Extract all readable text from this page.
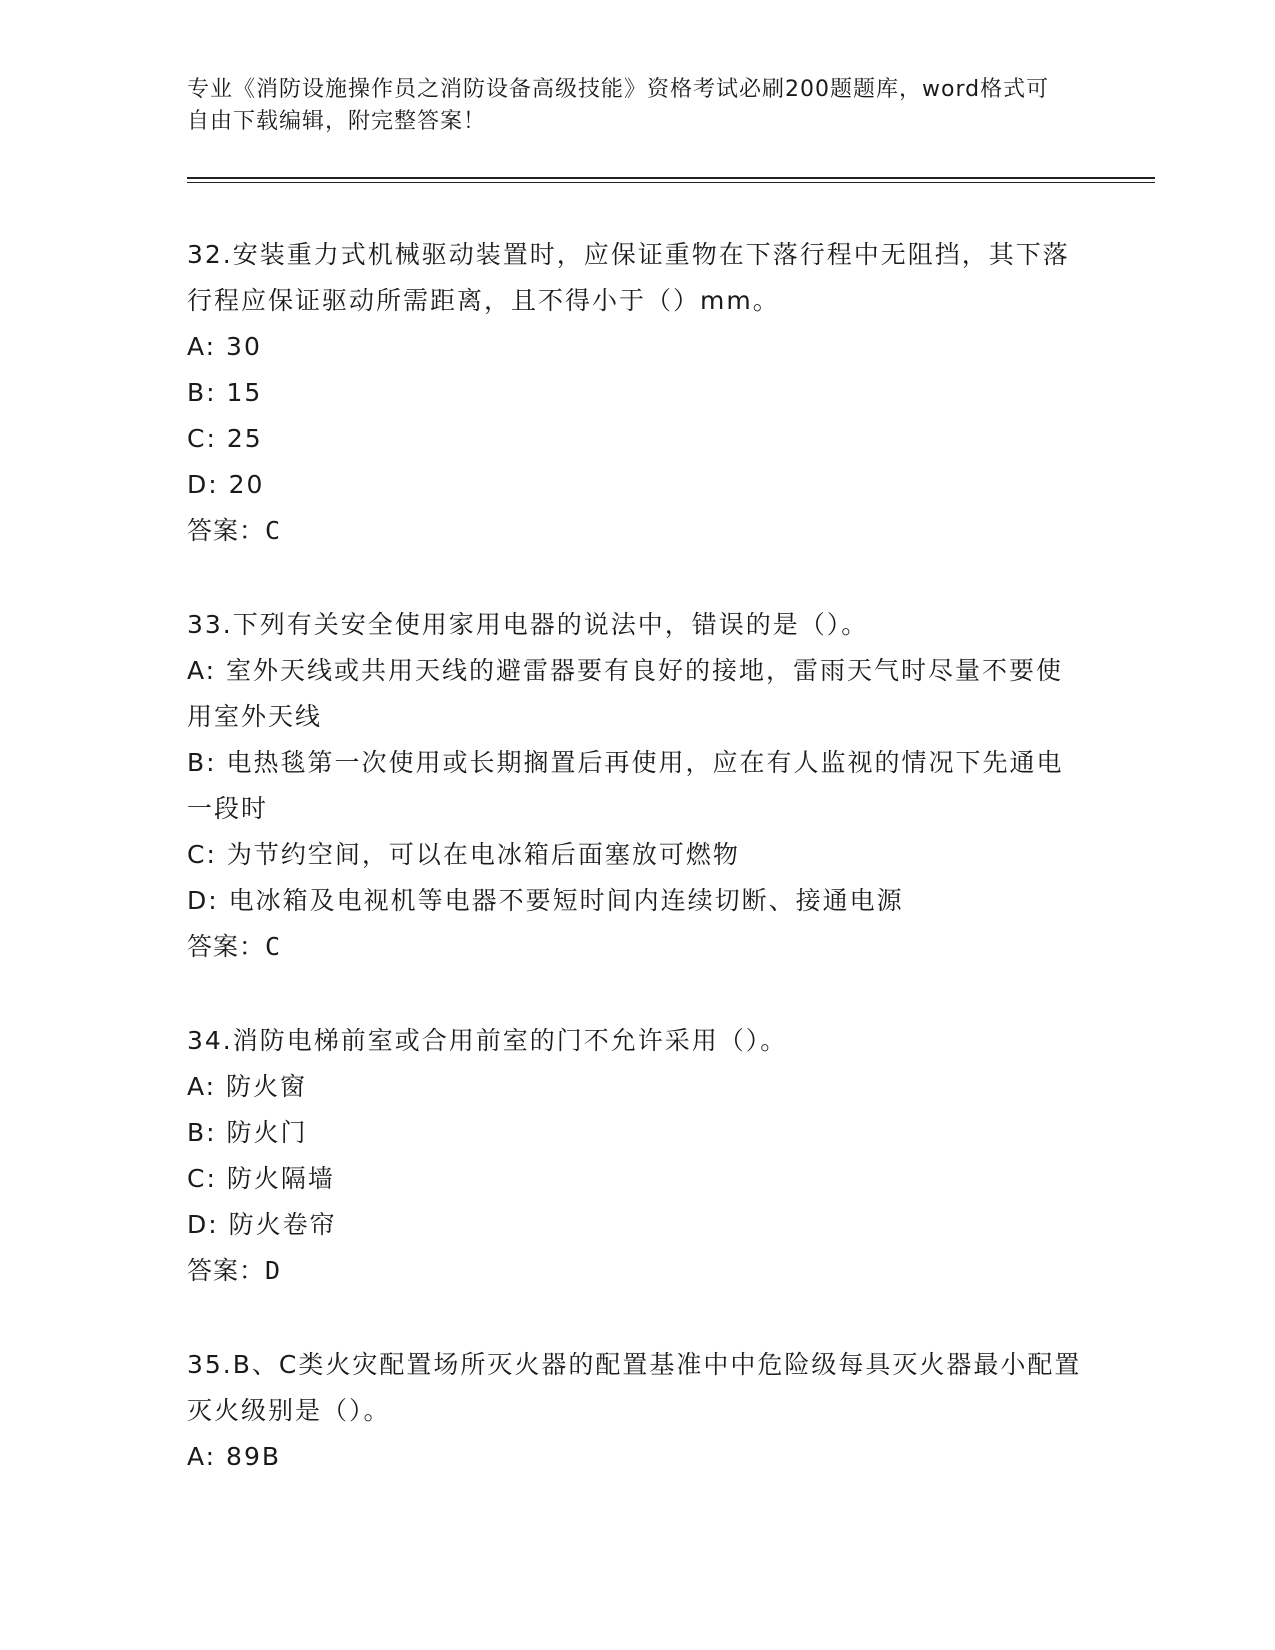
专业《消防设施操作员之消防设备高级技能》资格考试必刷200题题库，word格式可自由下载编辑，附完整答案！

32.安装重力式机械驱动装置时，应保证重物在下落行程中无阻挡，其下落行程应保证驱动所需距离，且不得小于（）mm。

A: 30

B: 15

C: 25

D: 20

答案：C

33.下列有关安全使用家用电器的说法中，错误的是（）。

A: 室外天线或共用天线的避雷器要有良好的接地，雷雨天气时尽量不要使用室外天线

B: 电热毯第一次使用或长期搁置后再使用，应在有人监视的情况下先通电一段时

C: 为节约空间，可以在电冰箱后面塞放可燃物

D: 电冰箱及电视机等电器不要短时间内连续切断、接通电源

答案：C

34.消防电梯前室或合用前室的门不允许采用（）。

A: 防火窗

B: 防火门

C: 防火隔墙

D: 防火卷帘

答案：D

35.B、C类火灾配置场所灭火器的配置基准中中危险级每具灭火器最小配置灭火级别是（）。

A: 89B
